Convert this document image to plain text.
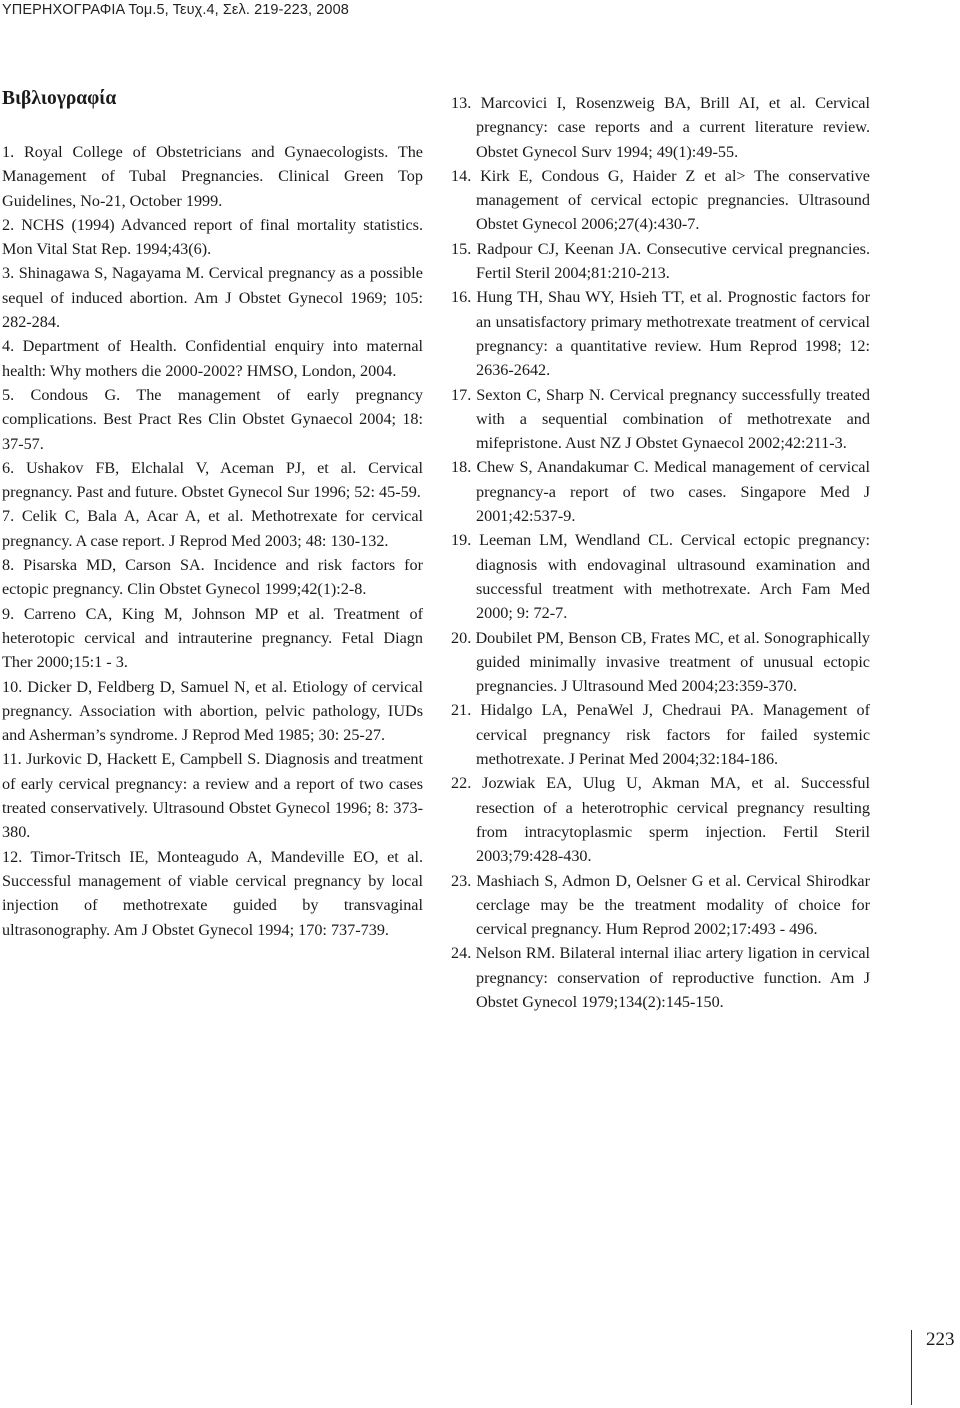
ΥΠΕΡΗΧΟΓΡΑΦΙΑ Τομ.5, Τευχ.4, Σελ. 219-223, 2008
Βιβλιογραφία
1. Royal College of Obstetricians and Gynaecologists. The Management of Tubal Pregnancies. Clinical Green Top Guidelines, No-21, October 1999.
2. NCHS (1994) Advanced report of final mortality statistics. Mon Vital Stat Rep. 1994;43(6).
3. Shinagawa S, Nagayama M. Cervical pregnancy as a possible sequel of induced abortion. Am J Obstet Gynecol 1969; 105: 282-284.
4. Department of Health. Confidential enquiry into maternal health: Why mothers die 2000-2002? HMSO, London, 2004.
5. Condous G. The management of early pregnancy complications. Best Pract Res Clin Obstet Gynaecol 2004; 18: 37-57.
6. Ushakov FB, Elchalal V, Aceman PJ, et al. Cervical pregnancy. Past and future. Obstet Gynecol Sur 1996; 52: 45-59.
7. Celik C, Bala A, Acar A, et al. Methotrexate for cervical pregnancy. A case report. J Reprod Med 2003; 48: 130-132.
8. Pisarska MD, Carson SA. Incidence and risk factors for ectopic pregnancy. Clin Obstet Gynecol 1999;42(1):2-8.
9. Carreno CA, King M, Johnson MP et al. Treatment of heterotopic cervical and intrauterine pregnancy. Fetal Diagn Ther 2000;15:1 - 3.
10. Dicker D, Feldberg D, Samuel N, et al. Etiology of cervical pregnancy. Association with abortion, pelvic pathology, IUDs and Asherman’s syndrome. J Reprod Med 1985; 30: 25-27.
11. Jurkovic D, Hackett E, Campbell S. Diagnosis and treatment of early cervical pregnancy: a review and a report of two cases treated conservatively. Ultrasound Obstet Gynecol 1996; 8: 373-380.
12. Timor-Tritsch IE, Monteagudo A, Mandeville EO, et al. Successful management of viable cervical pregnancy by local injection of methotrexate guided by transvaginal ultrasonography. Am J Obstet Gynecol 1994; 170: 737-739.
13. Marcovici I, Rosenzweig BA, Brill AI, et al. Cervical pregnancy: case reports and a current literature review. Obstet Gynecol Surv 1994; 49(1):49-55.
14. Kirk E, Condous G, Haider Z et al> The conservative management of cervical ectopic pregnancies. Ultrasound Obstet Gynecol 2006;27(4):430-7.
15. Radpour CJ, Keenan JA. Consecutive cervical pregnancies. Fertil Steril 2004;81:210-213.
16. Hung TH, Shau WY, Hsieh TT, et al. Prognostic factors for an unsatisfactory primary methotrexate treatment of cervical pregnancy: a quantitative review. Hum Reprod 1998; 12: 2636-2642.
17. Sexton C, Sharp N. Cervical pregnancy successfully treated with a sequential combination of methotrexate and mifepristone. Aust NZ J Obstet Gynaecol 2002;42:211-3.
18. Chew S, Anandakumar C. Medical management of cervical pregnancy-a report of two cases. Singapore Med J 2001;42:537-9.
19. Leeman LM, Wendland CL. Cervical ectopic pregnancy: diagnosis with endovaginal ultrasound examination and successful treatment with methotrexate. Arch Fam Med 2000; 9: 72-7.
20. Doubilet PM, Benson CB, Frates MC, et al. Sonographically guided minimally invasive treatment of unusual ectopic pregnancies. J Ultrasound Med 2004;23:359-370.
21. Hidalgo LA, PenaWel J, Chedraui PA. Management of cervical pregnancy risk factors for failed systemic methotrexate. J Perinat Med 2004;32:184-186.
22. Jozwiak EA, Ulug U, Akman MA, et al. Successful resection of a heterotrophic cervical pregnancy resulting from intracytoplasmic sperm injection. Fertil Steril 2003;79:428-430.
23. Mashiach S, Admon D, Oelsner G et al. Cervical Shirodkar cerclage may be the treatment modality of choice for cervical pregnancy. Hum Reprod 2002;17:493 - 496.
24. Nelson RM. Bilateral internal iliac artery ligation in cervical pregnancy: conservation of reproductive function. Am J Obstet Gynecol 1979;134(2):145-150.
223
